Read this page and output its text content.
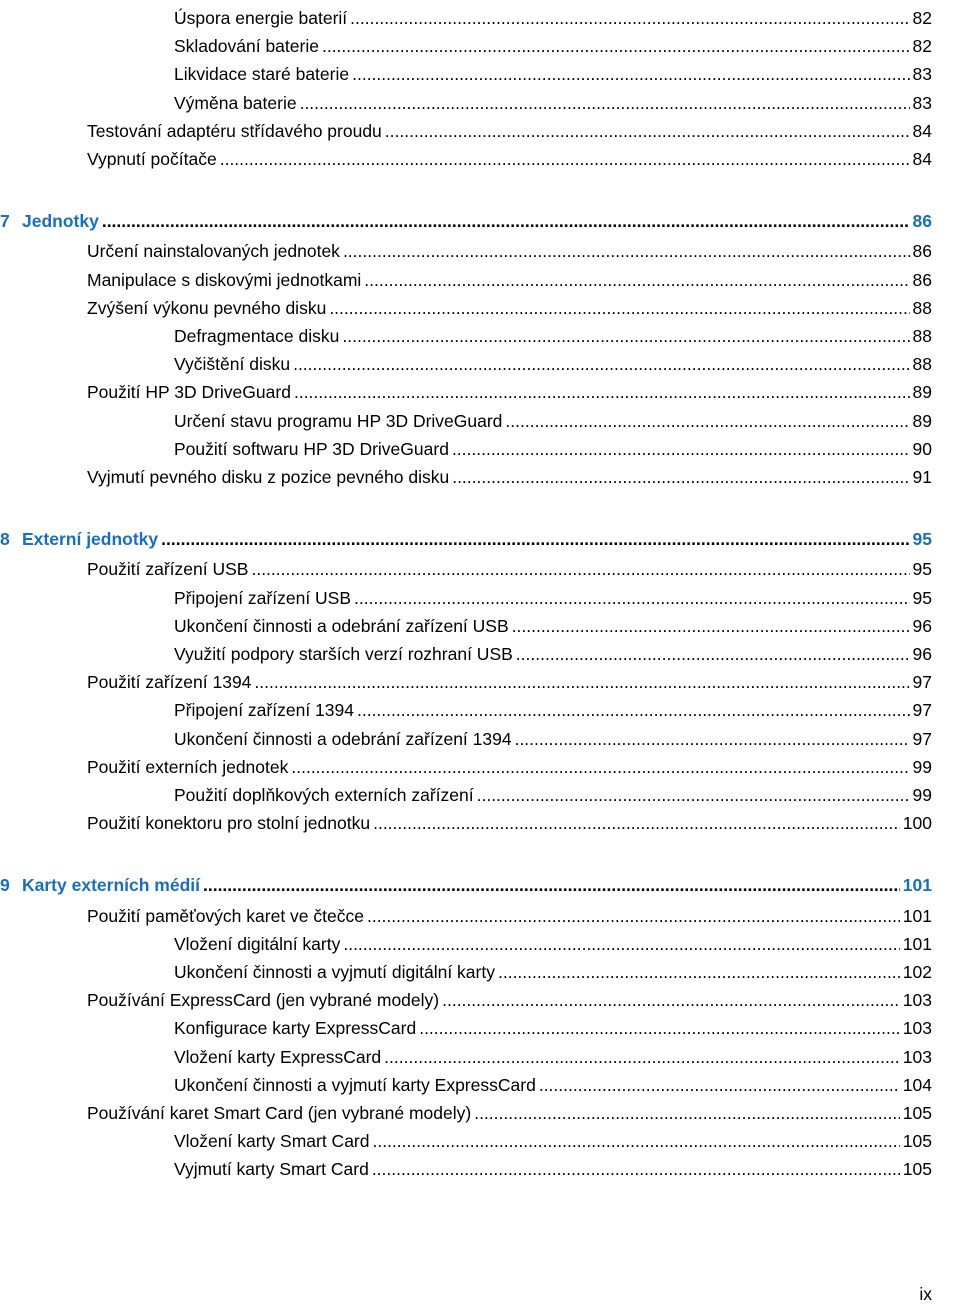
Úspora energie baterií .....	82
Skladování baterie .....	82
Likvidace staré baterie .....	83
Výměna baterie .....	83
Testování adaptéru střídavého proudu .....	84
Vypnutí počítače .....	84
7 Jednotky .....	86
Určení nainstalovaných jednotek .....	86
Manipulace s diskovými jednotkami .....	86
Zvýšení výkonu pevného disku .....	88
Defragmentace disku .....	88
Vyčištění disku .....	88
Použití HP 3D DriveGuard .....	89
Určení stavu programu HP 3D DriveGuard .....	89
Použití softwaru HP 3D DriveGuard .....	90
Vyjmutí pevného disku z pozice pevného disku .....	91
8 Externí jednotky .....	95
Použití zařízení USB .....	95
Připojení zařízení USB .....	95
Ukončení činnosti a odebrání zařízení USB .....	96
Využití podpory starších verzí rozhraní USB .....	96
Použití zařízení 1394 .....	97
Připojení zařízení 1394 .....	97
Ukončení činnosti a odebrání zařízení 1394 .....	97
Použití externích jednotek .....	99
Použití doplňkových externích zařízení .....	99
Použití konektoru pro stolní jednotku .....	100
9 Karty externích médií .....	101
Použití paměťových karet ve čtečce .....	101
Vložení digitální karty .....	101
Ukončení činnosti a vyjmutí digitální karty .....	102
Používání ExpressCard (jen vybrané modely) .....	103
Konfigurace karty ExpressCard .....	103
Vložení karty ExpressCard .....	103
Ukončení činnosti a vyjmutí karty ExpressCard .....	104
Používání karet Smart Card (jen vybrané modely) .....	105
Vložení karty Smart Card .....	105
Vyjmutí karty Smart Card .....	105
ix
